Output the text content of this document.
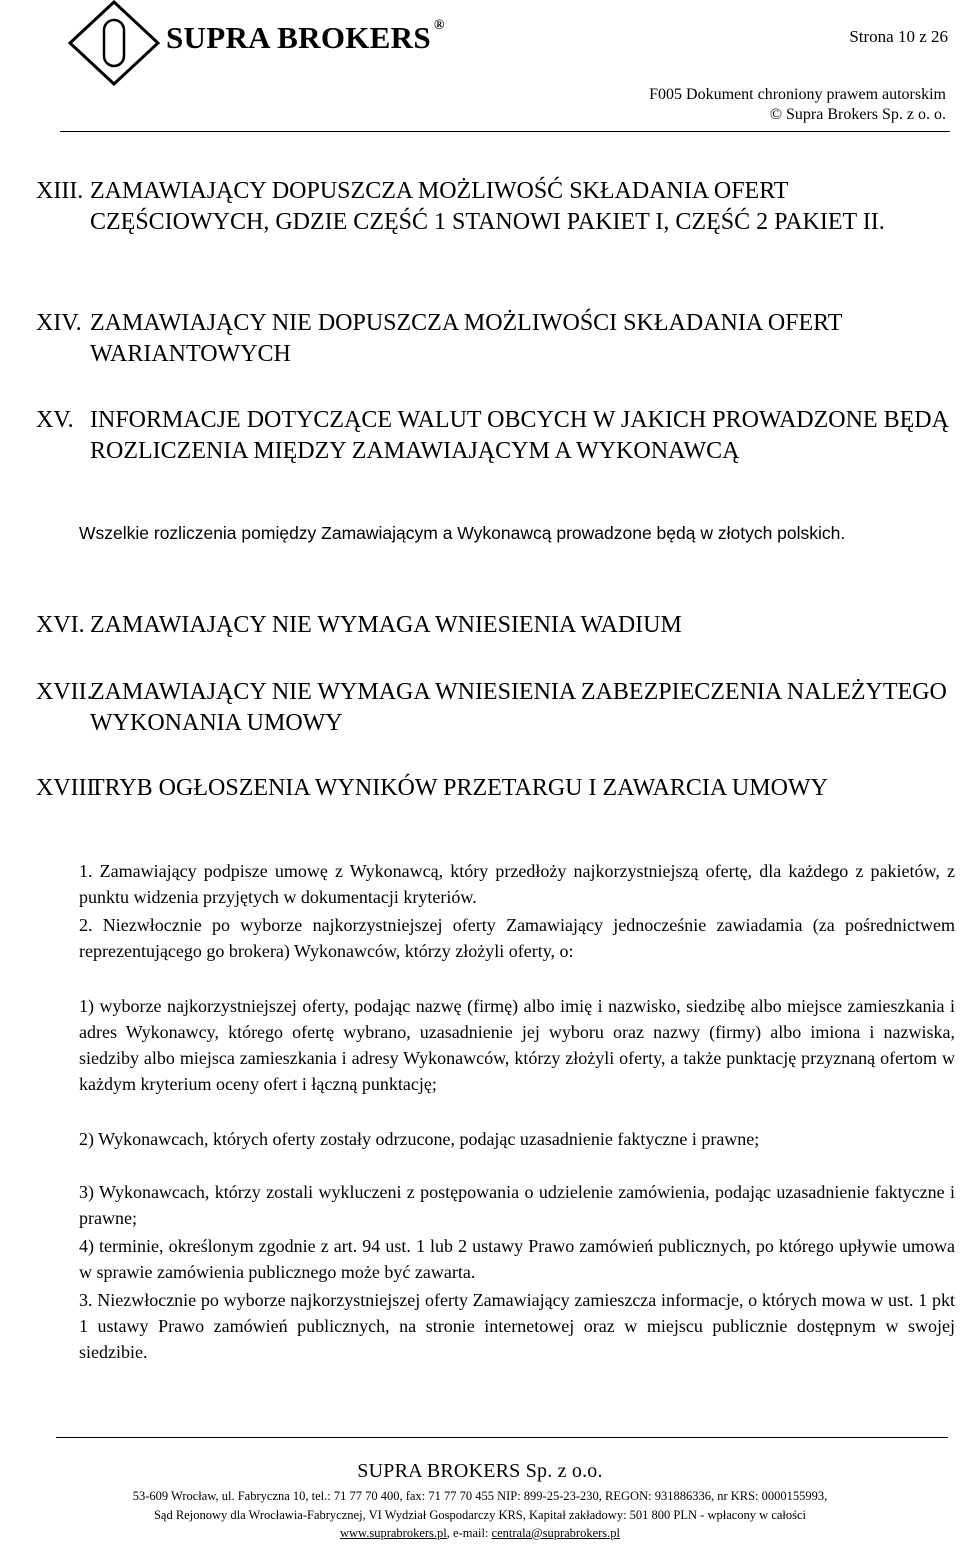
SUPRA BROKERS ®
Strona 10 z 26
F005 Dokument chroniony prawem autorskim
© Supra Brokers Sp. z o. o.
XIII. ZAMAWIAJĄCY DOPUSZCZA MOŻLIWOŚĆ SKŁADANIA OFERT CZĘŚCIOWYCH, GDZIE CZĘŚĆ 1 STANOWI PAKIET I, CZĘŚĆ 2 PAKIET II.
XIV. ZAMAWIAJĄCY NIE DOPUSZCZA MOŻLIWOŚCI SKŁADANIA OFERT WARIANTOWYCH
XV. INFORMACJE DOTYCZĄCE WALUT OBCYCH W JAKICH PROWADZONE BĘDĄ ROZLICZENIA MIĘDZY ZAMAWIAJĄCYM A WYKONAWCĄ
Wszelkie rozliczenia pomiędzy Zamawiającym a Wykonawcą prowadzone będą w złotych polskich.
XVI. ZAMAWIAJĄCY NIE WYMAGA WNIESIENIA WADIUM
XVII.
ZAMAWIAJĄCY NIE WYMAGA WNIESIENIA ZABEZPIECZENIA NALEŻYTEGO WYKONANIA UMOWY
XVIII.
TRYB OGŁOSZENIA WYNIKÓW PRZETARGU I ZAWARCIA UMOWY
1. Zamawiający podpisze umowę z Wykonawcą, który przedłoży najkorzystniejszą ofertę, dla każdego z pakietów, z punktu widzenia przyjętych w dokumentacji kryteriów.
2. Niezwłocznie po wyborze najkorzystniejszej oferty Zamawiający jednocześnie zawiadamia (za pośrednictwem reprezentującego go brokera) Wykonawców, którzy złożyli oferty, o:
1) wyborze najkorzystniejszej oferty, podając nazwę (firmę) albo imię i nazwisko, siedzibę albo miejsce zamieszkania i adres Wykonawcy, którego ofertę wybrano, uzasadnienie jej wyboru oraz nazwy (firmy) albo imiona i nazwiska, siedziby albo miejsca zamieszkania i adresy Wykonawców, którzy złożyli oferty, a także punktację przyznaną ofertom w każdym kryterium oceny ofert i łączną punktację;
2) Wykonawcach, których oferty zostały odrzucone, podając uzasadnienie faktyczne i prawne;
3) Wykonawcach, którzy zostali wykluczeni z postępowania o udzielenie zamówienia, podając uzasadnienie faktyczne i prawne;
4) terminie, określonym zgodnie z art. 94 ust. 1 lub 2 ustawy Prawo zamówień publicznych, po którego upływie umowa w sprawie zamówienia publicznego może być zawarta.
3. Niezwłocznie po wyborze najkorzystniejszej oferty Zamawiający zamieszcza informacje, o których mowa w ust. 1 pkt 1 ustawy Prawo zamówień publicznych, na stronie internetowej oraz w miejscu publicznie dostępnym w swojej siedzibie.
SUPRA BROKERS Sp. z o.o.
53-609 Wrocław, ul. Fabryczna 10, tel.: 71 77 70 400, fax: 71 77 70 455 NIP: 899-25-23-230, REGON: 931886336, nr KRS: 0000155993,
Sąd Rejonowy dla Wrocławia-Fabrycznej, VI Wydział Gospodarczy KRS, Kapitał zakładowy: 501 800 PLN - wpłacony w całości
www.suprabrokers.pl, e-mail: centrala@suprabrokers.pl
